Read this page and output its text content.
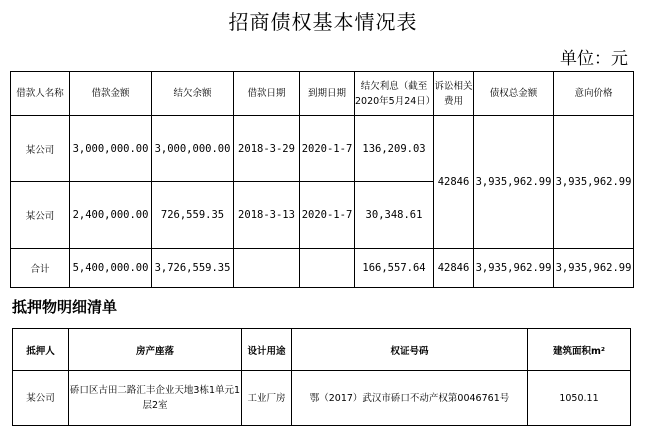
招商债权基本情况表
单位：元
借款人名称	借款金额	结欠余额	借款日期	到期日期	结欠利息（截至2020年5月24日）	诉讼相关费用	债权总金额	意向价格
某公司	3,000,000.00	3,000,000.00	2018-3-29	2020-1-7	136,209.03	42846	3,935,962.99	3,935,962.99
某公司	2,400,000.00	726,559.35	2018-3-13	2020-1-7	30,348.61			
合计	5,400,000.00	3,726,559.35			166,557.64	42846	3,935,962.99	3,935,962.99
抵押物明细清单
抵押人	房产座落	设计用途	权证号码	建筑面积m²
某公司	硚口区古田二路汇丰企业天地3栋1单元1层2室	工业厂房	鄂（2017）武汉市硚口不动产权第0046761号	1050.11
